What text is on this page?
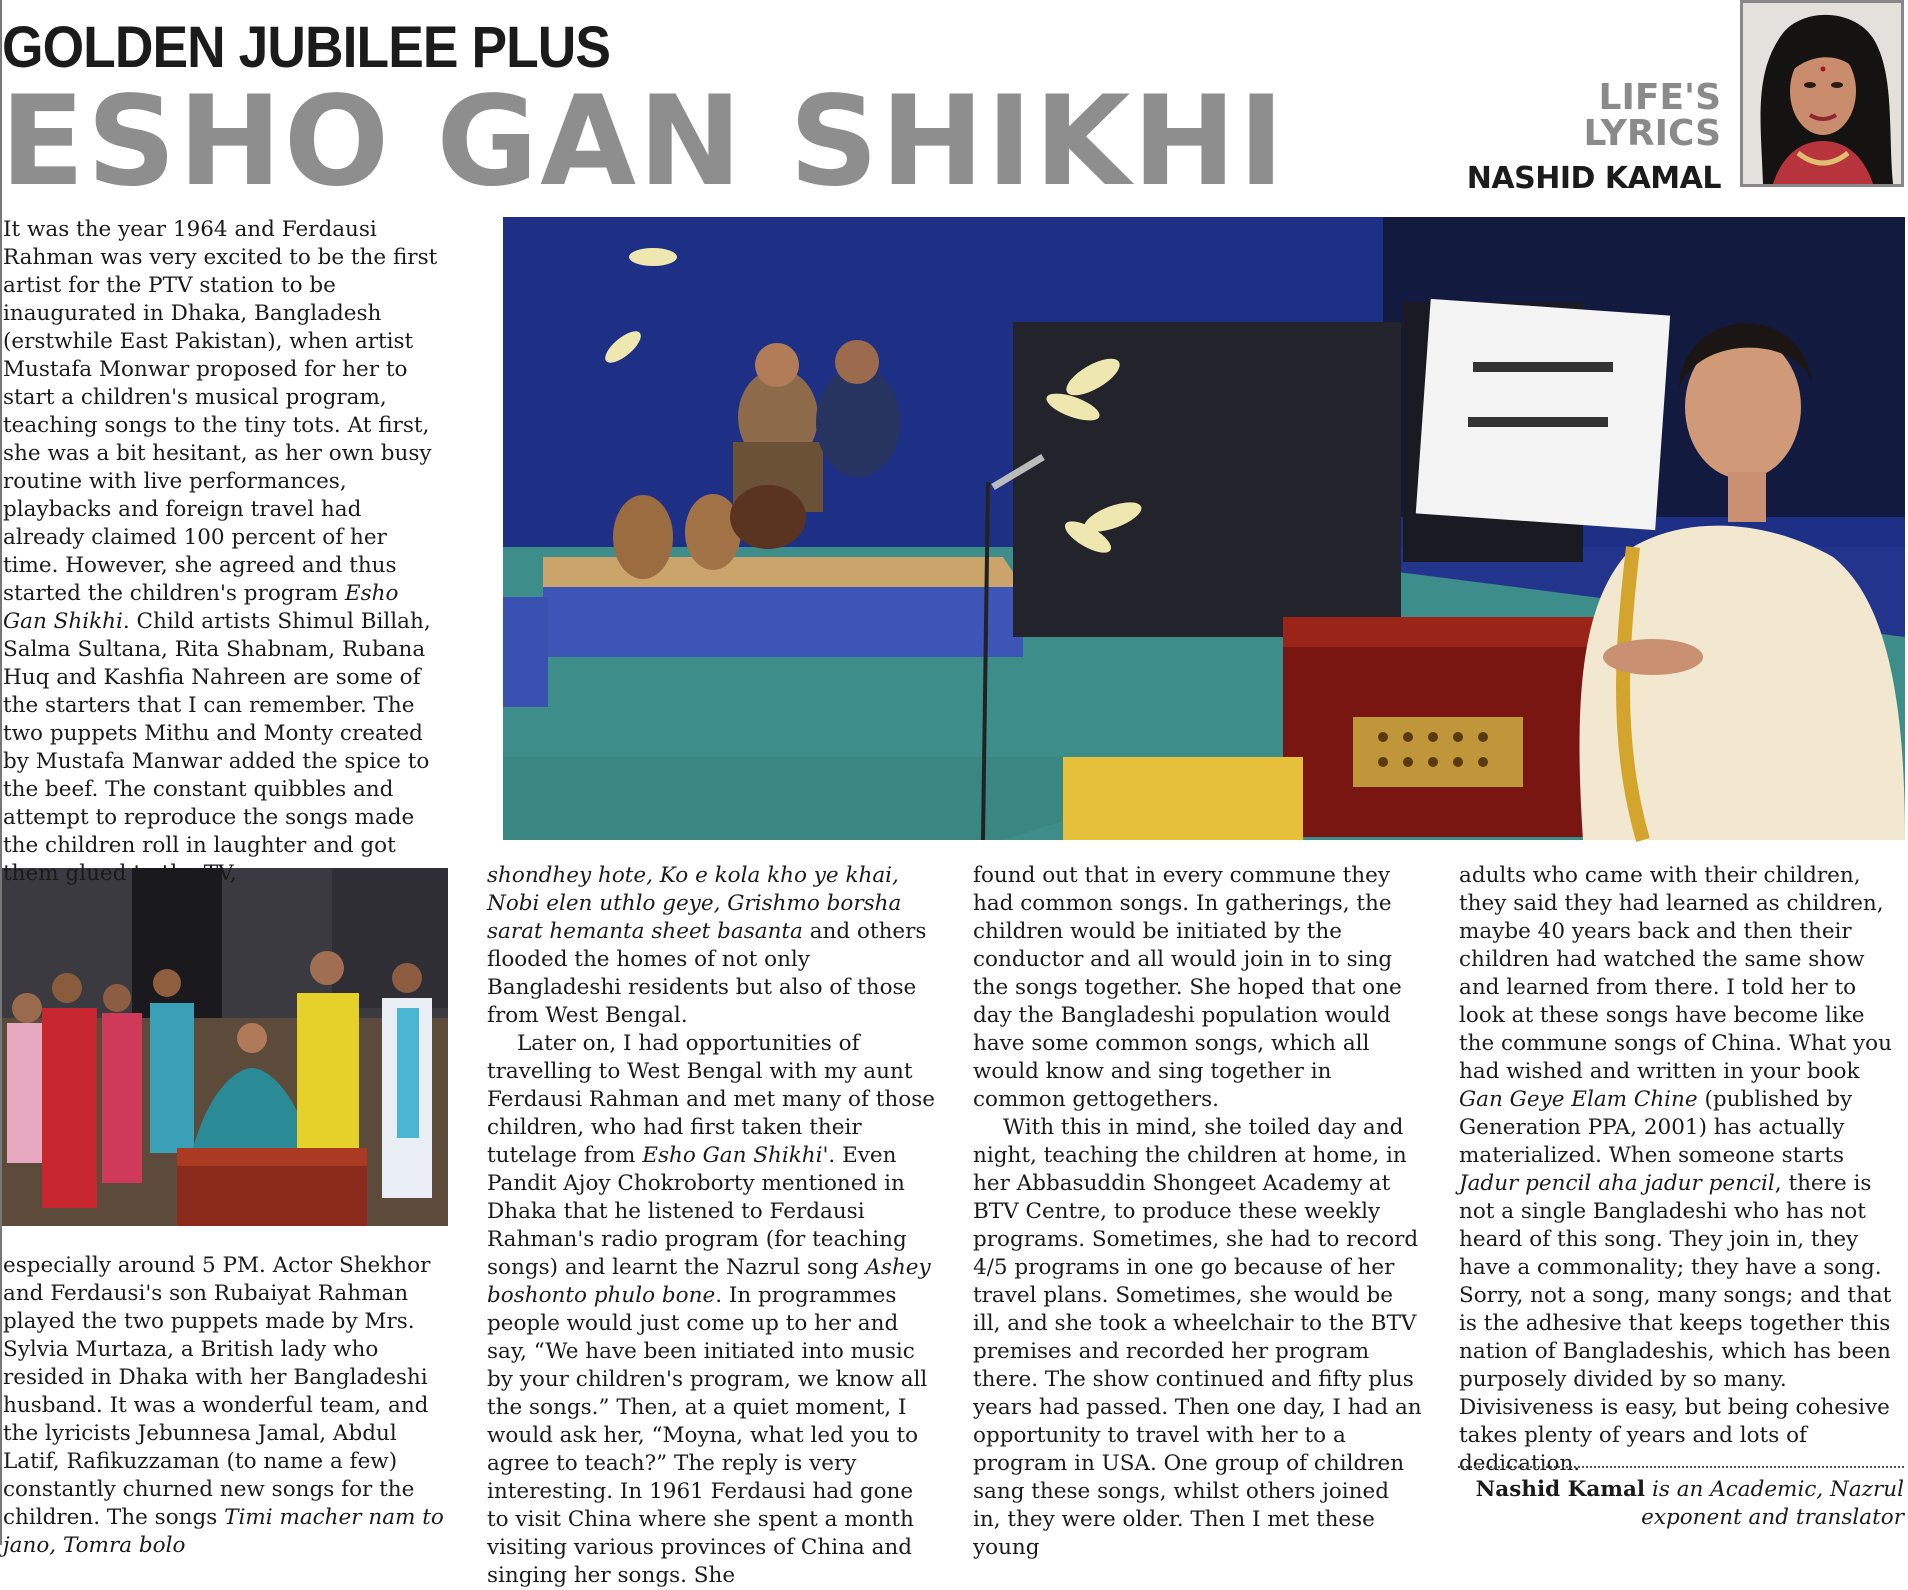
GOLDEN JUBILEE PLUS
ESHO GAN SHIKHI	LIFE'S
LYRICS
NASHID KAMAL

It was the year 1964 and Ferdausi Rahman was very excited to be the first artist for the PTV station to be inaugurated in Dhaka, Bangladesh (erstwhile East Pakistan), when artist Mustafa Monwar proposed for her to start a children's musical program, teaching songs to the tiny tots. At first, she was a bit hesitant, as her own busy routine with live performances, playbacks and foreign travel had already claimed 100 percent of her time. However, she agreed and thus started the children's program Esho Gan Shikhi. Child artists Shimul Billah, Salma Sultana, Rita Shabnam, Rubana Huq and Kashfia Nahreen are some of the starters that I can remember. The two puppets Mithu and Monty created by Mustafa Manwar added the spice to the beef. The constant quibbles and attempt to reproduce the songs made the children roll in laughter and got them glued to the TV,

especially around 5 PM. Actor Shekhor and Ferdausi's son Rubaiyat Rahman played the two puppets made by Mrs. Sylvia Murtaza, a British lady who resided in Dhaka with her Bangladeshi husband. It was a wonderful team, and the lyricists Jebunnesa Jamal, Abdul Latif, Rafikuzzaman (to name a few) constantly churned new songs for the children. The songs Timi macher nam to jano, Tomra bolo

shondhey hote, Ko e kola kho ye khai, Nobi elen uthlo geye, Grishmo borsha sarat hemanta sheet basanta and others flooded the homes of not only Bangladeshi residents but also of those from West Bengal.

Later on, I had opportunities of travelling to West Bengal with my aunt Ferdausi Rahman and met many of those children, who had first taken their tutelage from Esho Gan Shikhi'. Even Pandit Ajoy Chokroborty mentioned in Dhaka that he listened to Ferdausi Rahman's radio program (for teaching songs) and learnt the Nazrul song Ashey boshonto phulo bone. In programmes people would just come up to her and say, “We have been initiated into music by your children's program, we know all the songs.” Then, at a quiet moment, I would ask her, “Moyna, what led you to agree to teach?” The reply is very interesting. In 1961 Ferdausi had gone to visit China where she spent a month visiting various provinces of China and singing her songs. She

found out that in every commune they had common songs. In gatherings, the children would be initiated by the conductor and all would join in to sing the songs together. She hoped that one day the Bangladeshi population would have some common songs, which all would know and sing together in common gettogethers.

With this in mind, she toiled day and night, teaching the children at home, in her Abbasuddin Shongeet Academy at BTV Centre, to produce these weekly programs. Sometimes, she had to record 4/5 programs in one go because of her travel plans. Sometimes, she would be ill, and she took a wheelchair to the BTV premises and recorded her program there. The show continued and fifty plus years had passed. Then one day, I had an opportunity to travel with her to a program in USA. One group of children sang these songs, whilst others joined in, they were older. Then I met these young

adults who came with their children, they said they had learned as children, maybe 40 years back and then their children had watched the same show and learned from there. I told her to look at these songs have become like the commune songs of China. What you had wished and written in your book Gan Geye Elam Chine (published by Generation PPA, 2001) has actually materialized. When someone starts Jadur pencil aha jadur pencil, there is not a single Bangladeshi who has not heard of this song. They join in, they have a commonality; they have a song. Sorry, not a song, many songs; and that is the adhesive that keeps together this nation of Bangladeshis, which has been purposely divided by so many. Divisiveness is easy, but being cohesive takes plenty of years and lots of dedication.

Nashid Kamal is an Academic, Nazrul exponent and translator
